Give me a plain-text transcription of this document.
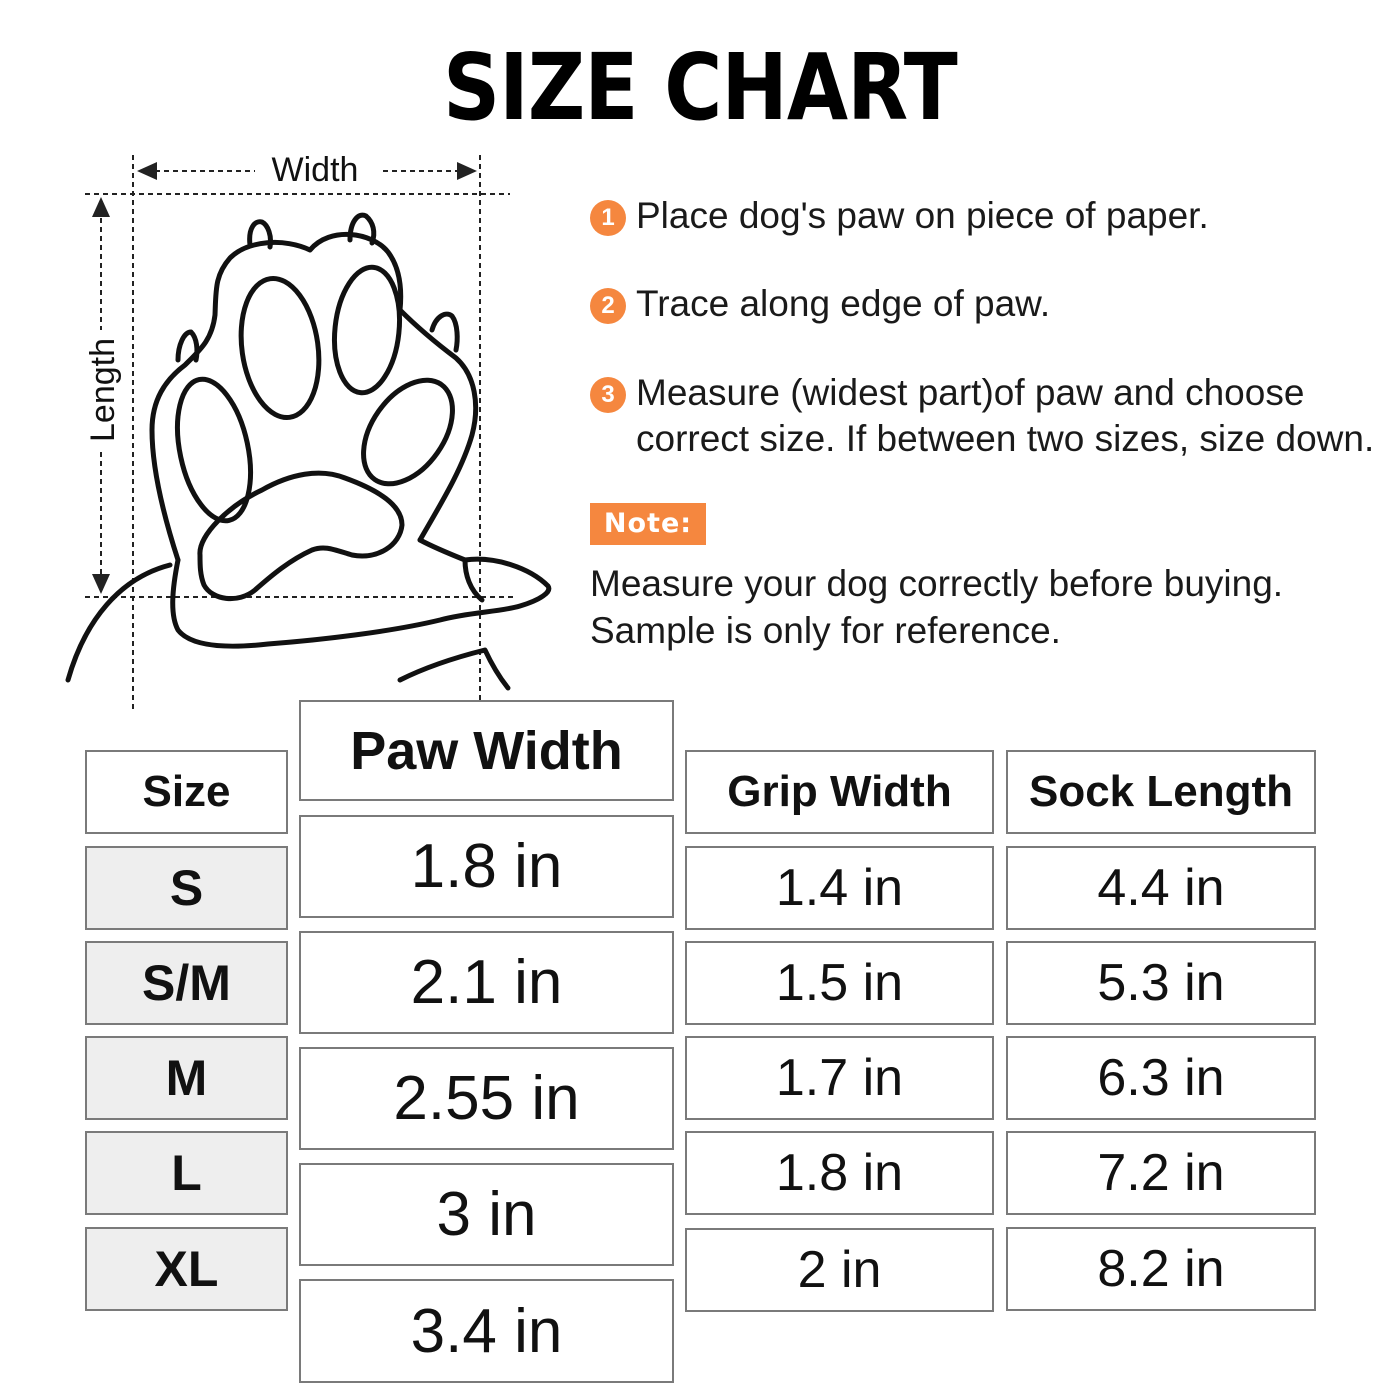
SIZE CHART
Width
Length
1 Place dog's paw on piece of paper.
2 Trace along edge of paw.
3 Measure (widest part)of paw and choose
correct size. If between two sizes, size down.
Note:
Measure your dog correctly before buying.
Sample is only for reference.
Size
Paw Width
Grip Width	Sock Length
S
S/M
M
L
XL
1.8 in
2.1 in
2.55 in
3 in
3.4 in
1.4 in
1.5 in
1.7 in
1.8 in
2 in
4.4 in
5.3 in
6.3 in
7.2 in
8.2 in
